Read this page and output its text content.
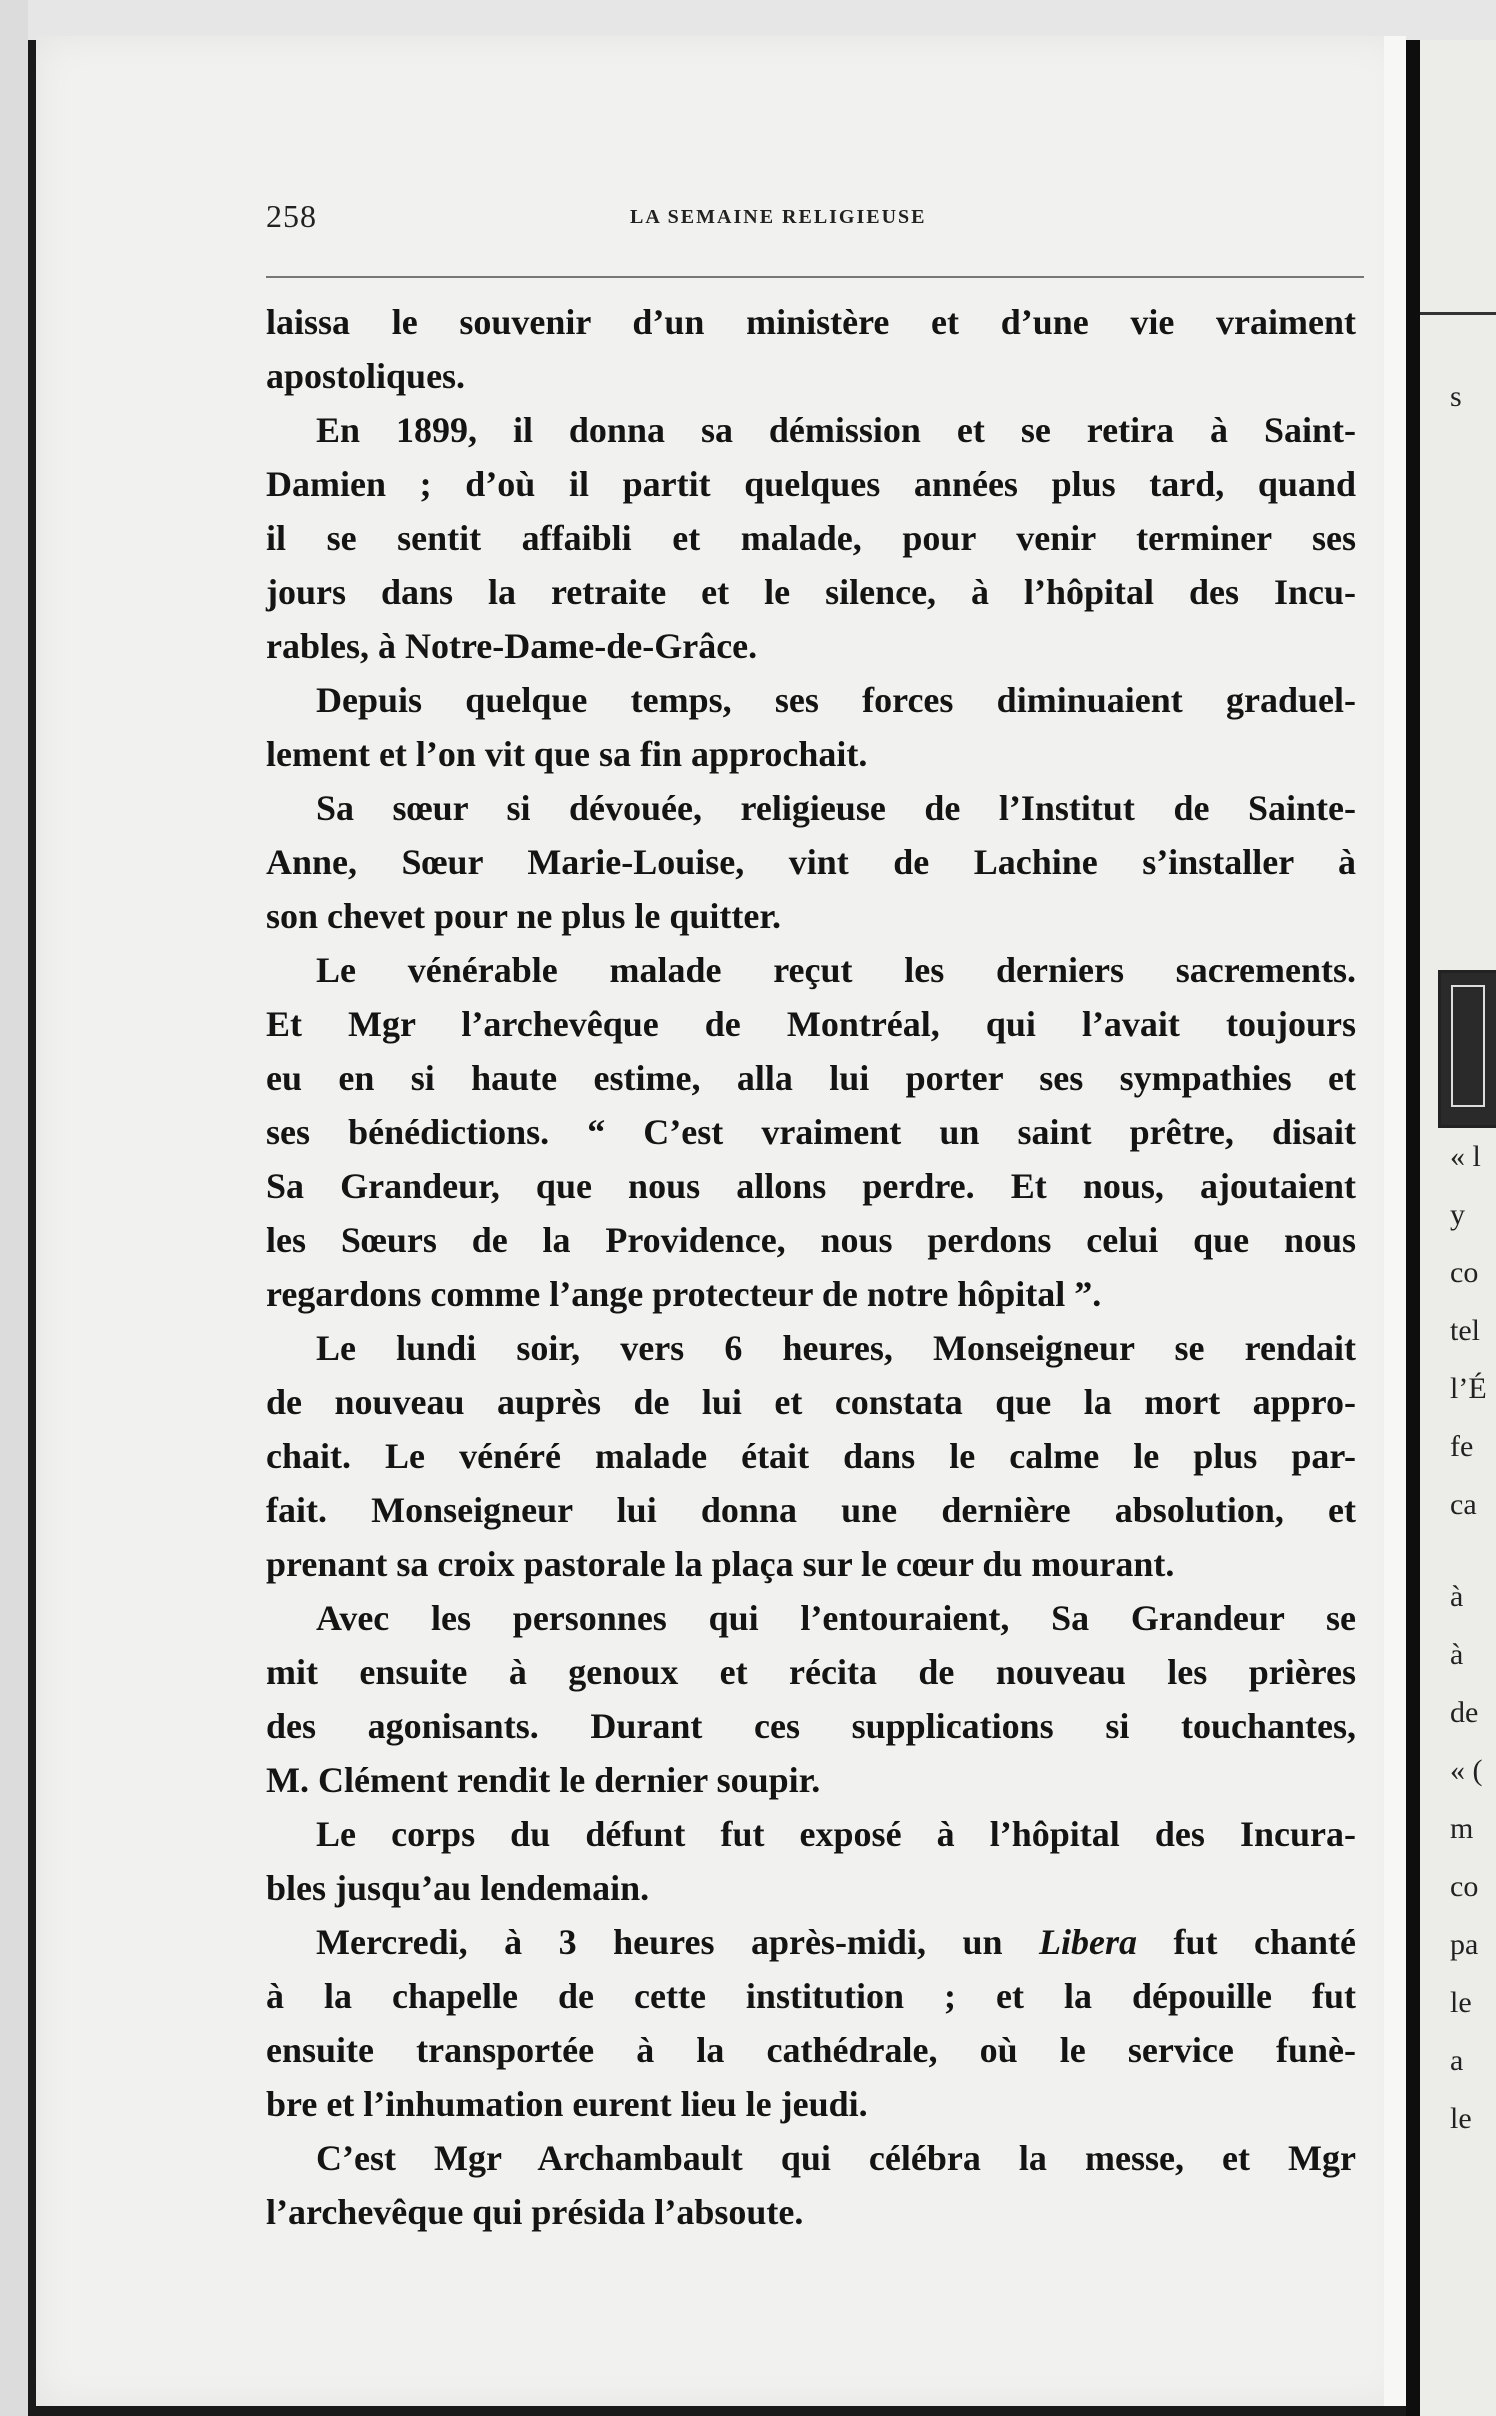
s
« l
y
co
tel
l’É
fe
ca
à
à
de
« (
m
co
pa
le
a
le
258	LA SEMAINE RELIGIEUSE
laissa le souvenir d’un ministère et d’une vie vraiment
apostoliques.
En 1899, il donna sa démission et se retira à Saint-
Damien ; d’où il partit quelques années plus tard, quand
il se sentit affaibli et malade, pour venir terminer ses
jours dans la retraite et le silence, à l’hôpital des Incu-
rables, à Notre-Dame-de-Grâce.
Depuis quelque temps, ses forces diminuaient graduel-
lement et l’on vit que sa fin approchait.
Sa sœur si dévouée, religieuse de l’Institut de Sainte-
Anne, Sœur Marie-Louise, vint de Lachine s’installer à
son chevet pour ne plus le quitter.
Le vénérable malade reçut les derniers sacrements.
Et Mgr l’archevêque de Montréal, qui l’avait toujours
eu en si haute estime, alla lui porter ses sympathies et
ses bénédictions. “ C’est vraiment un saint prêtre, disait
Sa Grandeur, que nous allons perdre. Et nous, ajoutaient
les Sœurs de la Providence, nous perdons celui que nous
regardons comme l’ange protecteur de notre hôpital ”.
Le lundi soir, vers 6 heures, Monseigneur se rendait
de nouveau auprès de lui et constata que la mort appro-
chait. Le vénéré malade était dans le calme le plus par-
fait. Monseigneur lui donna une dernière absolution, et
prenant sa croix pastorale la plaça sur le cœur du mourant.
Avec les personnes qui l’entouraient, Sa Grandeur se
mit ensuite à genoux et récita de nouveau les prières
des agonisants. Durant ces supplications si touchantes,
M. Clément rendit le dernier soupir.
Le corps du défunt fut exposé à l’hôpital des Incura-
bles jusqu’au lendemain.
Mercredi, à 3 heures après-midi, un Libera fut chanté
à la chapelle de cette institution ; et la dépouille fut
ensuite transportée à la cathédrale, où le service funè-
bre et l’inhumation eurent lieu le jeudi.
C’est Mgr Archambault qui célébra la messe, et Mgr
l’archevêque qui présida l’absoute.
